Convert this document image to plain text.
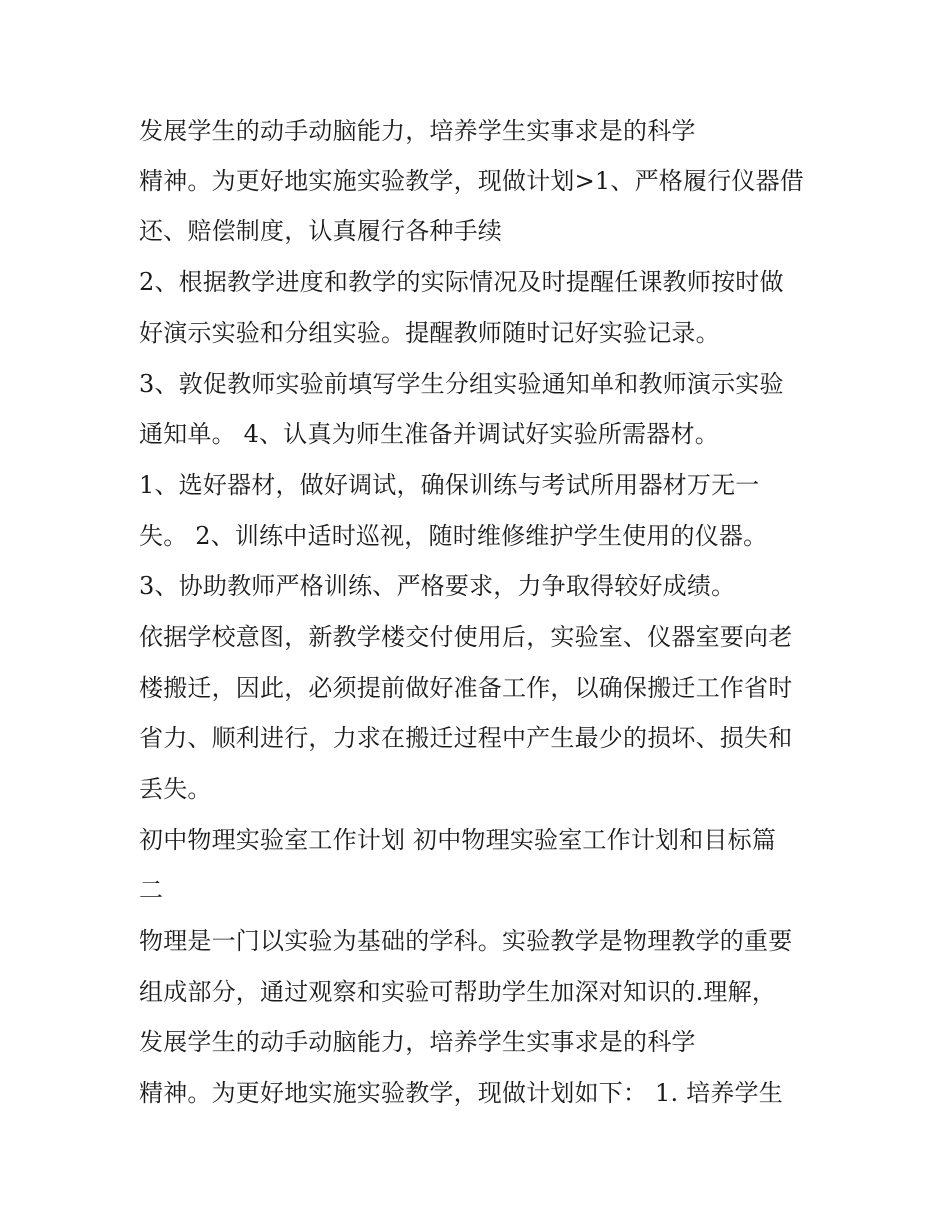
发展学生的动手动脑能力，培养学生实事求是的科学
精神。为更好地实施实验教学，现做计划>1、严格履行仪器借
还、赔偿制度，认真履行各种手续
2、根据教学进度和教学的实际情况及时提醒任课教师按时做
好演示实验和分组实验。提醒教师随时记好实验记录。
3、敦促教师实验前填写学生分组实验通知单和教师演示实验
通知单。 4、认真为师生准备并调试好实验所需器材。
1、选好器材，做好调试，确保训练与考试所用器材万无一
失。 2、训练中适时巡视，随时维修维护学生使用的仪器。
3、协助教师严格训练、严格要求，力争取得较好成绩。
依据学校意图，新教学楼交付使用后，实验室、仪器室要向老
楼搬迁，因此，必须提前做好准备工作，以确保搬迁工作省时
省力、顺利进行，力求在搬迁过程中产生最少的损坏、损失和
丢失。
初中物理实验室工作计划 初中物理实验室工作计划和目标篇
二
物理是一门以实验为基础的学科。实验教学是物理教学的重要
组成部分，通过观察和实验可帮助学生加深对知识的.理解，
发展学生的动手动脑能力，培养学生实事求是的科学
精神。为更好地实施实验教学，现做计划如下： 1. 培养学生
